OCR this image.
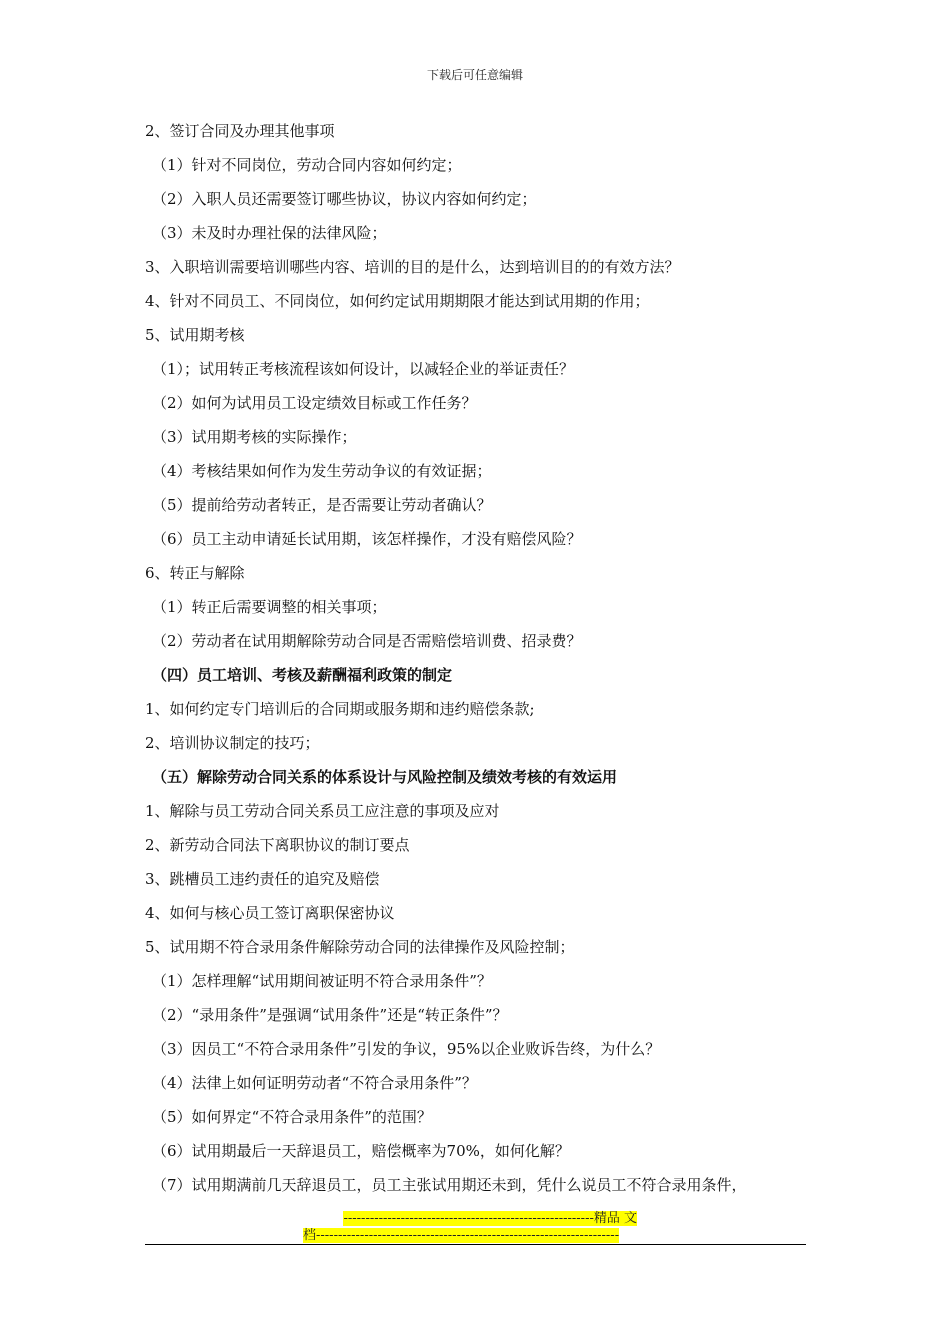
下载后可任意编辑
2、签订合同及办理其他事项
（1）针对不同岗位，劳动合同内容如何约定；
（2）入职人员还需要签订哪些协议，协议内容如何约定；
（3）未及时办理社保的法律风险；
3、入职培训需要培训哪些内容、培训的目的是什么，达到培训目的的有效方法？
4、针对不同员工、不同岗位，如何约定试用期期限才能达到试用期的作用；
5、试用期考核
（1）；试用转正考核流程该如何设计，以减轻企业的举证责任？
（2）如何为试用员工设定绩效目标或工作任务？
（3）试用期考核的实际操作；
（4）考核结果如何作为发生劳动争议的有效证据；
（5）提前给劳动者转正，是否需要让劳动者确认？
（6）员工主动申请延长试用期，该怎样操作，才没有赔偿风险？
6、转正与解除
（1）转正后需要调整的相关事项；
（2）劳动者在试用期解除劳动合同是否需赔偿培训费、招录费？
（四）员工培训、考核及薪酬福利政策的制定
1、如何约定专门培训后的合同期或服务期和违约赔偿条款;
2、培训协议制定的技巧；
（五）解除劳动合同关系的体系设计与风险控制及绩效考核的有效运用
1、解除与员工劳动合同关系员工应注意的事项及应对
2、新劳动合同法下离职协议的制订要点
3、跳槽员工违约责任的追究及赔偿
4、如何与核心员工签订离职保密协议
5、试用期不符合录用条件解除劳动合同的法律操作及风险控制；
（1）怎样理解“试用期间被证明不符合录用条件”？
（2）“录用条件”是强调“试用条件”还是“转正条件”？
（3）因员工“不符合录用条件”引发的争议，95%以企业败诉告终，为什么？
（4）法律上如何证明劳动者“不符合录用条件”？
（5）如何界定“不符合录用条件”的范围？
（6）试用期最后一天辞退员工，赔偿概率为70%，如何化解？
（7）试用期满前几天辞退员工，员工主张试用期还未到，凭什么说员工不符合录用条件，
---------------------------------------------------------精品 文
档---------------------------------------------------------------------
